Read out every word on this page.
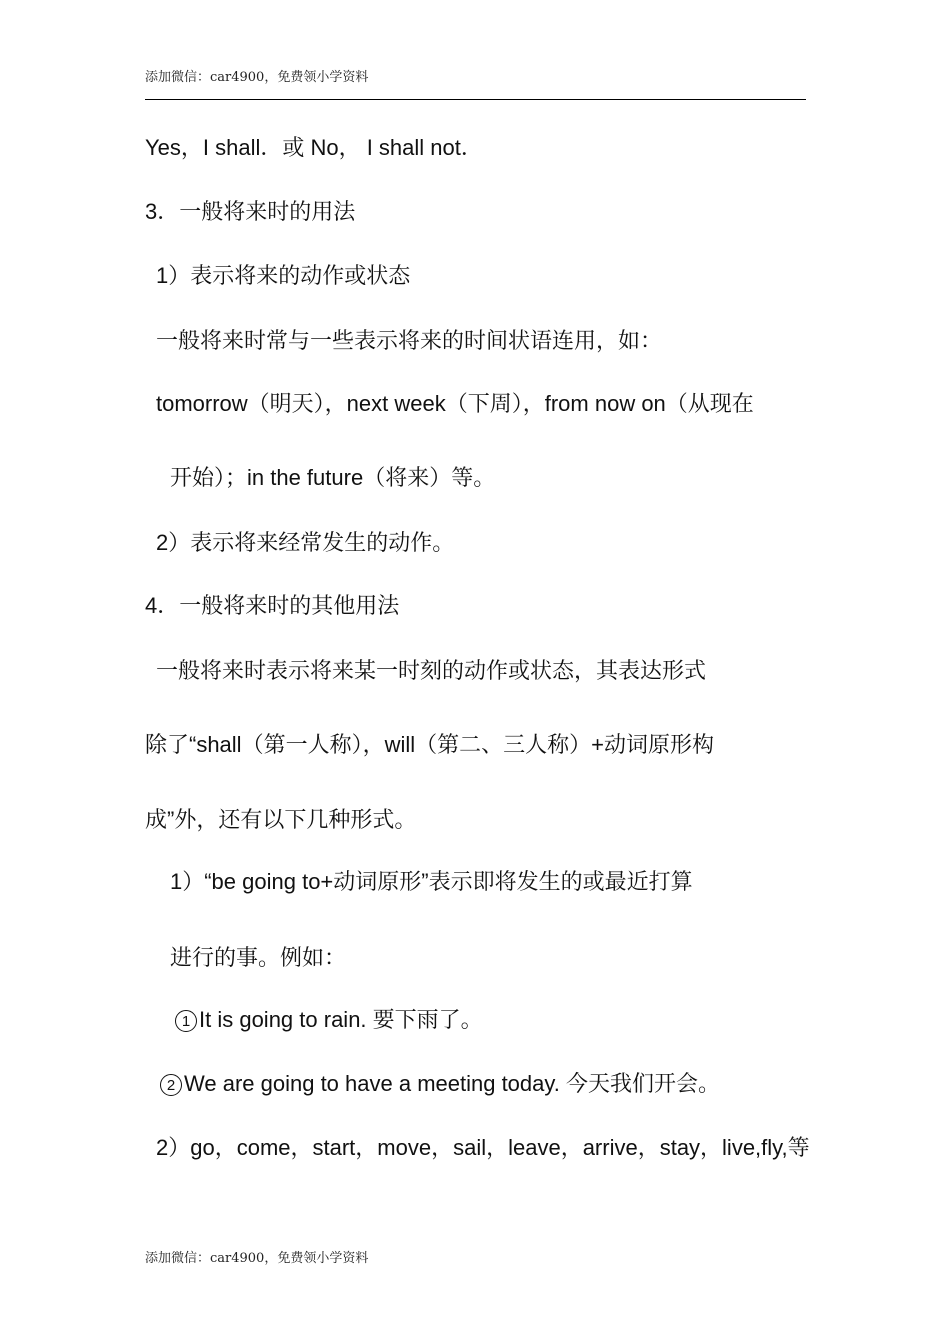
添加微信：car4900，免费领小学资料
Yes，I shall．或 No， I shall not．
3．一般将来时的用法
1）表示将来的动作或状态
一般将来时常与一些表示将来的时间状语连用，如：
tomorrow（明天），next week（下周），from now on（从现在
开始）；in the future（将来）等。
2）表示将来经常发生的动作。
4．一般将来时的其他用法
一般将来时表示将来某一时刻的动作或状态，其表达形式
除了“shall（第一人称），will（第二、三人称）+动词原形构
成”外，还有以下几种形式。
1）“be going to+动词原形”表示即将发生的或最近打算
进行的事。例如：
1 It is going to rain. 要下雨了。
2 We are going to have a meeting today. 今天我们开会。
2）go，come，start，move，sail，leave，arrive，stay，live,fly,等
添加微信：car4900，免费领小学资料
